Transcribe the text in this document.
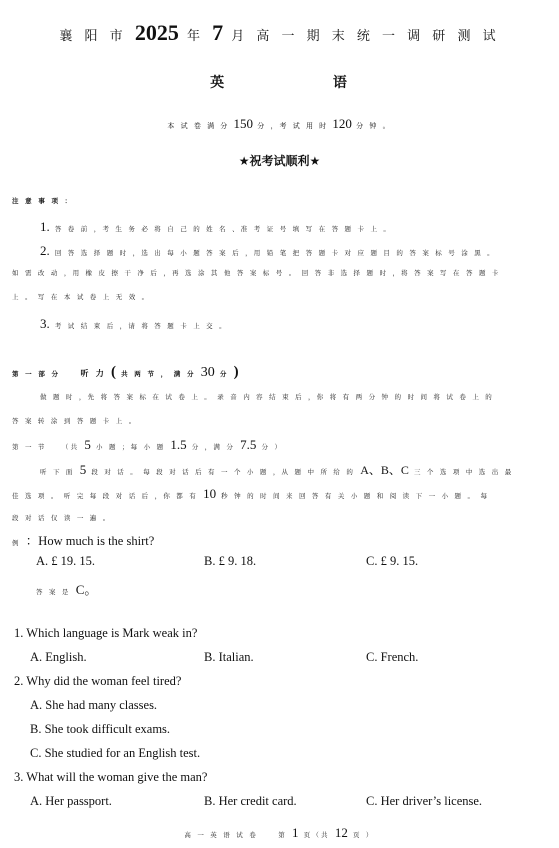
襄 阳 市 2025 年 7 月 高 一 期 末 统 一 调 研 测 试
英 语
本 试 卷 满 分 150 分 ，考 试 用 时 120 分 钟 。
★祝考试顺利★
注 意 事 项 ：
1. 答 卷 前 ，考 生 务 必 将 自 己 的 姓 名 、准 考 证 号 填 写 在 答 题 卡 上 。
2. 回 答 选 择 题 时 ，选 出 每 小 题 答 案 后 ，用 铅 笔 把 答 题 卡 对 应 题 目 的 答 案 标 号 涂 黑 。
如 需 改 动 ，用 橡 皮 擦 干 净 后 ，再 选 涂 其 他 答 案 标 号 。 回 答 非 选 择 题 时 ，将 答 案 写 在 答 题 卡
上 。 写 在 本 试 卷 上 无 效 。
3. 考 试 结 束 后 ，请 将 答 题 卡 上 交 。
第 一 部 分	听 力 ( 共 两 节 ， 满 分 30 分 )
做 题 时 ，先 将 答 案 标 在 试 卷 上 。 录 音 内 容 结 束 后 ，你 将 有 两 分 钟 的 时 间 将 试 卷 上 的
答 案 转 涂 到 答 题 卡 上 。
第 一 节 （共 5 小 题 ；每 小 题 1.5 分 ，满 分 7.5 分 ）
听 下 面 5 段 对 话 。 每 段 对 话 后 有 一 个 小 题 ，从 题 中 所 给 的 A、B、C 三 个 选 项 中 选 出 最
佳 选 项 。 听 完 每 段 对 话 后 ，你 都 有 10 秒 钟 的 时 间 来 回 答 有 关 小 题 和 阅 读 下 一 小 题 。 每
段 对 话 仅 读 一 遍 。
例 ：How much is the shirt?
A. £ 19. 15.	B. £ 9. 18.	C. £ 9. 15.
答 案 是 C。
1. Which language is Mark weak in?
A. English.	B. Italian.	C. French.
2. Why did the woman feel tired?
A. She had many classes.
B. She took difficult exams.
C. She studied for an English test.
3. What will the woman give the man?
A. Her passport.	B. Her credit card.	C. Her driver’s license.
高 一 英 语 试 卷	第 1 页（共 12 页 ）
